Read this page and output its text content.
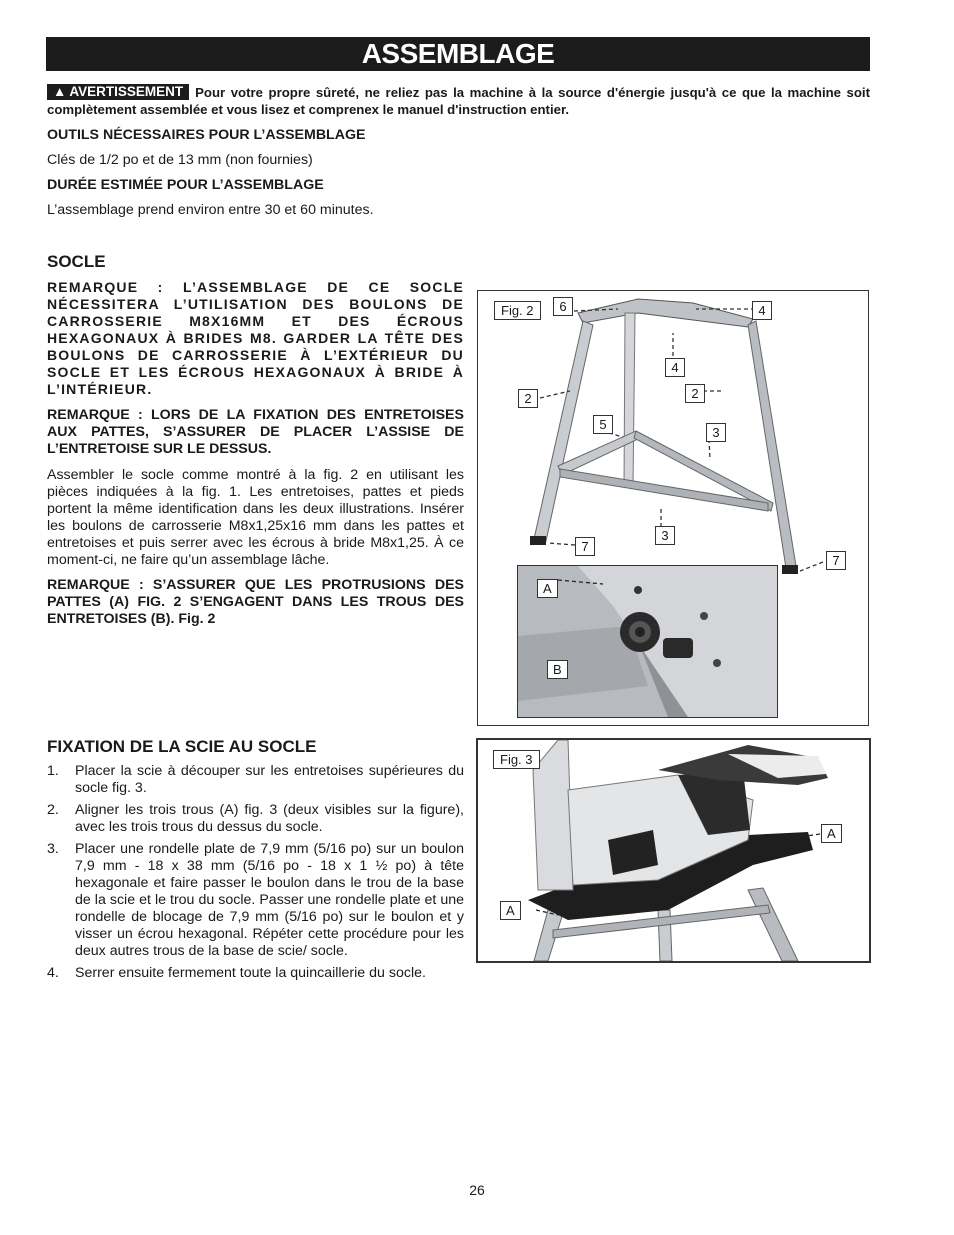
ASSEMBLAGE
▲ AVERTISSEMENT Pour votre propre sûreté, ne reliez pas la machine à la source d'énergie jusqu'à ce que la machine soit complètement assemblée et vous lisez et comprenex le manuel d'instruction entier.
OUTILS NÉCESSAIRES POUR L’ASSEMBLAGE
Clés de 1/2 po et de 13 mm (non fournies)
DURÉE ESTIMÉE POUR L’ASSEMBLAGE
L’assemblage prend environ entre 30 et 60 minutes.
SOCLE
REMARQUE : L’ASSEMBLAGE DE CE SOCLE NÉCESSITERA L’UTILISATION DES BOULONS DE CARROSSERIE M8X16MM ET DES ÉCROUS HEXAGONAUX À BRIDES M8. GARDER LA TÊTE DES BOULONS DE CARROSSERIE À L’EXTÉRIEUR DU SOCLE ET LES ÉCROUS HEXAGONAUX À BRIDE À L’INTÉRIEUR.
REMARQUE : LORS DE LA FIXATION DES ENTRETOISES AUX PATTES, S’ASSURER DE PLACER L’ASSISE DE L’ENTRETOISE SUR LE DESSUS.
Assembler le socle comme montré à la fig. 2 en utilisant les pièces indiquées à la fig. 1. Les entretoises, pattes et pieds portent la même identification dans les deux illustrations. Insérer les boulons de carrosserie M8x1,25x16 mm dans les pattes et entretoises et puis serrer avec les écrous à bride M8x1,25. À ce moment-ci, ne faire qu’un assemblage lâche.
REMARQUE : S’ASSURER QUE LES PROTRUSIONS DES PATTES (A) FIG. 2 S’ENGAGENT DANS LES TROUS DES ENTRETOISES (B). Fig. 2
Fig. 2	6	4
4
2	2
5
3
3
7
7
A
B
FIXATION DE LA SCIE AU SOCLE
1. Placer la scie à découper sur les entretoises supérieures du socle fig. 3.
2. Aligner les trois trous (A) fig. 3 (deux visibles sur la figure), avec les trois trous du dessus du socle.
3. Placer une rondelle plate de 7,9 mm (5/16 po) sur un boulon 7,9 mm - 18 x 38 mm (5/16 po - 18 x 1 ½ po) à tête hexagonale et faire passer le boulon dans le trou de la base de la scie et le trou du socle. Passer une rondelle plate et une rondelle de blocage de 7,9 mm (5/16 po) sur le boulon et y visser un écrou hexagonal. Répéter cette procédure pour les deux autres trous de la base de scie/ socle.
4. Serrer ensuite fermement toute la quincaillerie du socle.
Fig. 3
A
A
26
